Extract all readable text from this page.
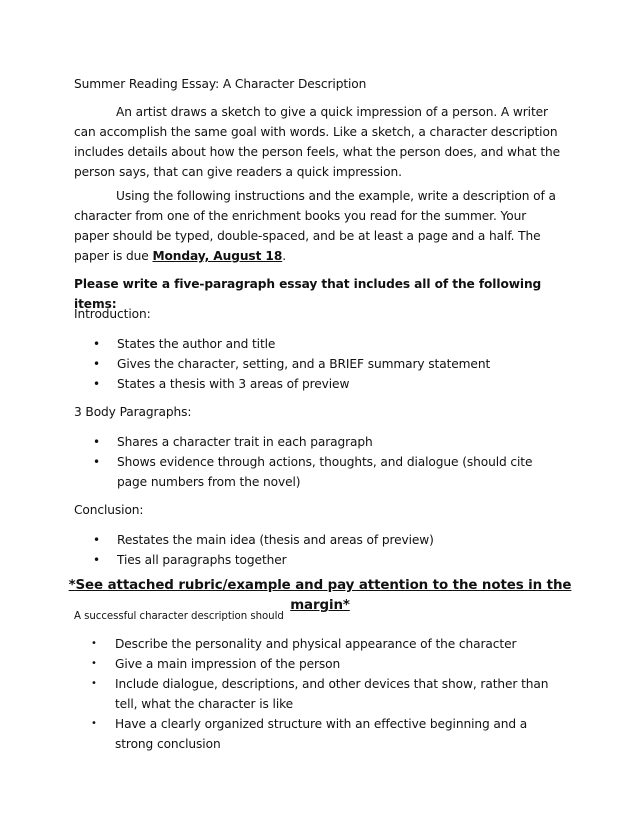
Summer Reading Essay: A Character Description
An artist draws a sketch to give a quick impression of a person. A writer can accomplish the same goal with words. Like a sketch, a character description includes details about how the person feels, what the person does, and what the person says, that can give readers a quick impression.
Using the following instructions and the example, write a description of a character from one of the enrichment books you read for the summer. Your paper should be typed, double-spaced, and be at least a page and a half. The paper is due Monday, August 18.
Please write a five-paragraph essay that includes all of the following items:
Introduction:
• States the author and title
• Gives the character, setting, and a BRIEF summary statement
• States a thesis with 3 areas of preview
3 Body Paragraphs:
• Shares a character trait in each paragraph
• Shows evidence through actions, thoughts, and dialogue (should cite page numbers from the novel)
Conclusion:
• Restates the main idea (thesis and areas of preview)
• Ties all paragraphs together
*See attached rubric/example and pay attention to the notes in the margin*
A successful character description should
• Describe the personality and physical appearance of the character
• Give a main impression of the person
• Include dialogue, descriptions, and other devices that show, rather than tell, what the character is like
• Have a clearly organized structure with an effective beginning and a strong conclusion
